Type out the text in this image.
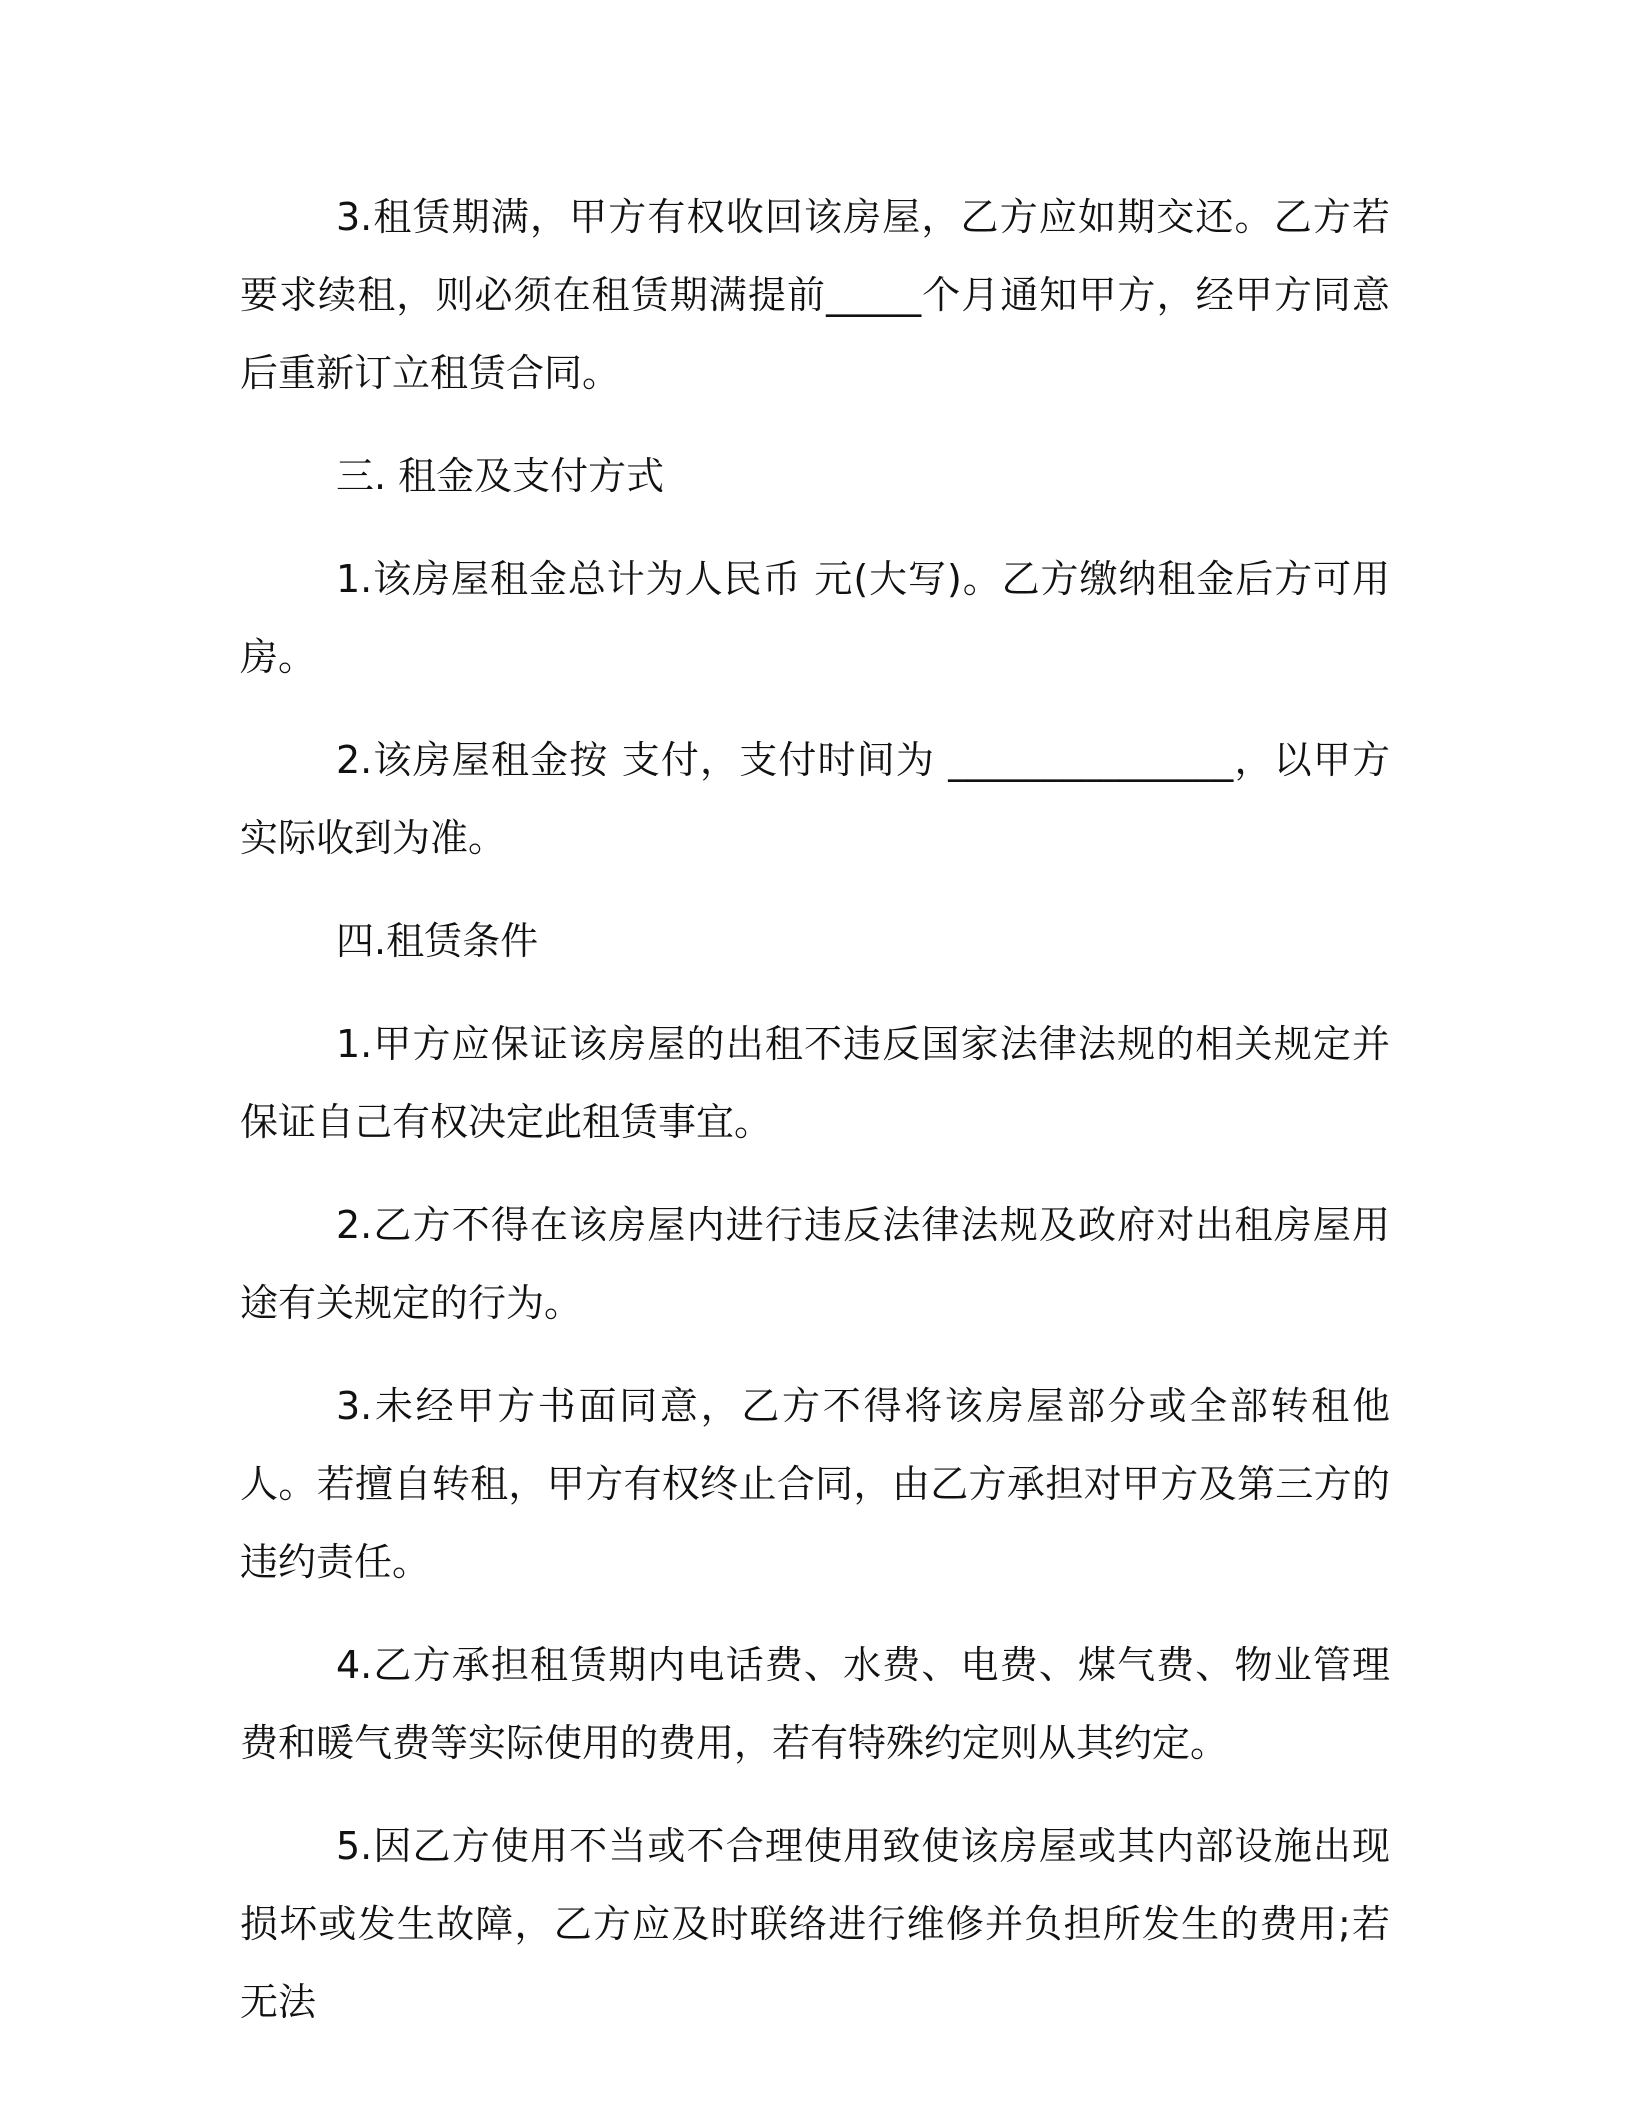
3.租赁期满，甲方有权收回该房屋，乙方应如期交还。乙方若要求续租，则必须在租赁期满提前_____个月通知甲方，经甲方同意后重新订立租赁合同。

三. 租金及支付方式

1.该房屋租金总计为人民币 元(大写)。乙方缴纳租金后方可用房。

2.该房屋租金按 支付，支付时间为 _______________，以甲方实际收到为准。

四.租赁条件

1.甲方应保证该房屋的出租不违反国家法律法规的相关规定并保证自己有权决定此租赁事宜。

2.乙方不得在该房屋内进行违反法律法规及政府对出租房屋用途有关规定的行为。

3.未经甲方书面同意，乙方不得将该房屋部分或全部转租他人。若擅自转租，甲方有权终止合同，由乙方承担对甲方及第三方的违约责任。

4.乙方承担租赁期内电话费、水费、电费、煤气费、物业管理费和暖气费等实际使用的费用，若有特殊约定则从其约定。

5.因乙方使用不当或不合理使用致使该房屋或其内部设施出现损坏或发生故障，乙方应及时联络进行维修并负担所发生的费用;若无法
